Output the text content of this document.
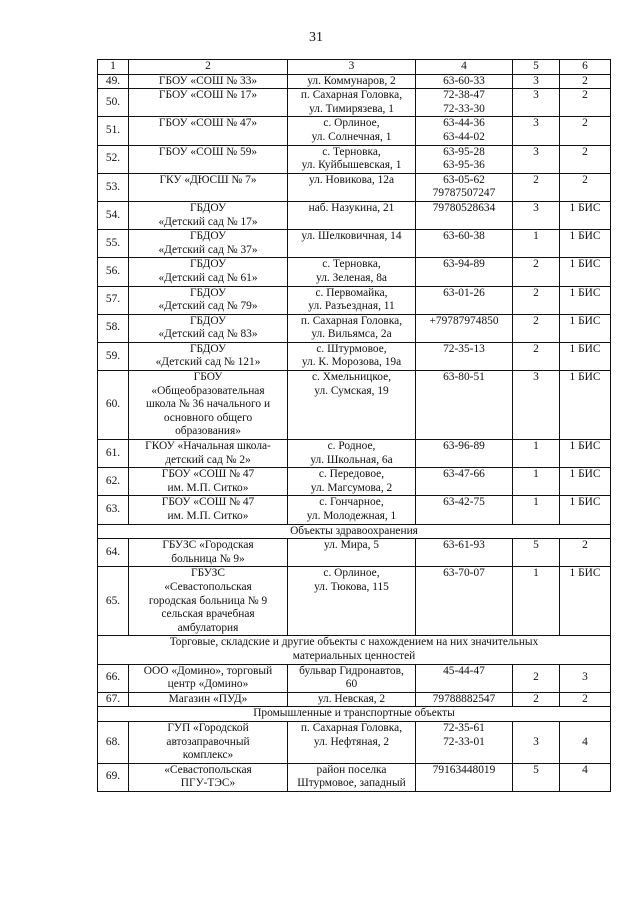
31
1	2	3	4	5	6
49.	ГБОУ «СОШ № 33»	ул. Коммунаров, 2	63-60-33	3	2
50.	ГБОУ «СОШ № 17»	п. Сахарная Головка,
ул. Тимирязева, 1	72-38-47
72-33-30	3	2
51.	ГБОУ «СОШ № 47»	с. Орлиное,
ул. Солнечная, 1	63-44-36
63-44-02	3	2
52.	ГБОУ «СОШ № 59»	с. Терновка,
ул. Куйбышевская, 1	63-95-28
63-95-36	3	2
53.	ГКУ «ДЮСШ № 7»	ул. Новикова, 12а	63-05-62
79787507247	2	2
54.	ГБДОУ
«Детский сад № 17»	наб. Назукина, 21	79780528634	3	1 БИС
55.	ГБДОУ
«Детский сад № 37»	ул. Шелковичная, 14	63-60-38	1	1 БИС
56.	ГБДОУ
«Детский сад № 61»	с. Терновка,
ул. Зеленая, 8а	63-94-89	2	1 БИС
57.	ГБДОУ
«Детский сад № 79»	с. Первомайка,
ул. Разъездная, 11	63-01-26	2	1 БИС
58.	ГБДОУ
«Детский сад № 83»	п. Сахарная Головка,
ул. Вильямса, 2а	+79787974850	2	1 БИС
59.	ГБДОУ
«Детский сад № 121»	с. Штурмовое,
ул. К. Морозова, 19а	72-35-13	2	1 БИС
60.	ГБОУ
«Общеобразовательная
школа № 36 начального и
основного общего
образования»	с. Хмельницкое,
ул. Сумская, 19	63-80-51	3	1 БИС
61.	ГКОУ «Начальная школа-
детский сад № 2»	с. Родное,
ул. Школьная, 6а	63-96-89	1	1 БИС
62.	ГБОУ «СОШ № 47
им. М.П. Ситко»	с. Передовое,
ул. Магсумова, 2	63-47-66	1	1 БИС
63.	ГБОУ «СОШ № 47
им. М.П. Ситко»	с. Гончарное,
ул. Молодежная, 1	63-42-75	1	1 БИС
Объекты здравоохранения					
64.	ГБУЗС «Городская
больница № 9»	ул. Мира, 5	63-61-93	5	2
65.	ГБУЗС
«Севастопольская
городская больница № 9
сельская врачебная
амбулатория	с. Орлиное,
ул. Тюкова, 115	63-70-07	1	1 БИС
Торговые, складские и другие объекты с нахождением на них значительных
материальных ценностей					
66.	ООО «Домино», торговый
центр «Домино»	бульвар Гидронавтов,
60	45-44-47	2	3
67.	Магазин «ПУД»	ул. Невская, 2	79788882547	2	2
Промышленные и транспортные объекты					
68.	ГУП «Городской
автозаправочный
комплекс»	п. Сахарная Головка,
ул. Нефтяная, 2	72-35-61
72-33-01	3	4
69.	«Севастопольская
ПГУ-ТЭС»	район поселка
Штурмовое, западный	79163448019	5	4
